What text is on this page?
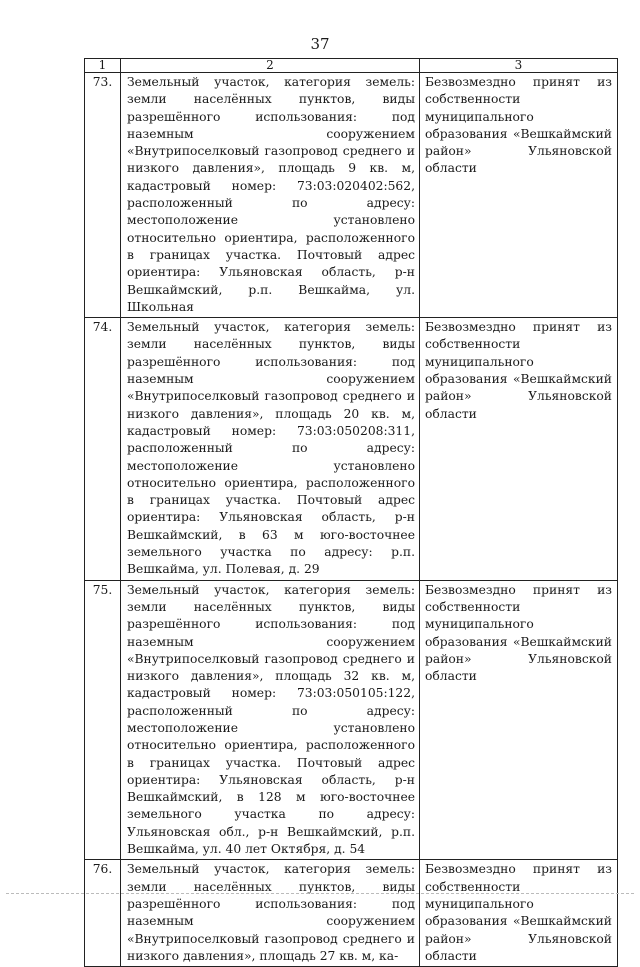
37
1	2	3
73.	Земельный участок, категория земель: земли населённых пунктов, виды разрешённого использования: под наземным сооружением «Внутрипоселковый газопровод среднего и низкого давления», площадь 9 кв. м, кадастровый номер: 73:03:020402:562, расположенный по адресу: местоположение установлено относительно ориентира, расположенного в границах участка. Почтовый адрес ориентира: Ульяновская область, р-н Вешкаймский, р.п. Вешкайма, ул. Школьная	Безвозмездно принят из собственности муниципального образования «Вешкаймский район» Ульяновской области
74.	Земельный участок, категория земель: земли населённых пунктов, виды разрешённого использования: под наземным сооружением «Внутрипоселковый газопровод среднего и низкого давления», площадь 20 кв. м, кадастровый номер: 73:03:050208:311, расположенный по адресу: местоположение установлено относительно ориентира, расположенного в границах участка. Почтовый адрес ориентира: Ульяновская область, р-н Вешкаймский, в 63 м юго-восточнее земельного участка по адресу: р.п. Вешкайма, ул. Полевая, д. 29	Безвозмездно принят из собственности муниципального образования «Вешкаймский район» Ульяновской области
75.	Земельный участок, категория земель: земли населённых пунктов, виды разрешённого использования: под наземным сооружением «Внутрипоселковый газопровод среднего и низкого давления», площадь 32 кв. м, кадастровый номер: 73:03:050105:122, расположенный по адресу: местоположение установлено относительно ориентира, расположенного в границах участка. Почтовый адрес ориентира: Ульяновская область, р-н Вешкаймский, в 128 м юго-восточнее земельного участка по адресу: Ульяновская обл., р-н Вешкаймский, р.п. Вешкайма, ул. 40 лет Октября, д. 54	Безвозмездно принят из собственности муниципального образования «Вешкаймский район» Ульяновской области
76.	Земельный участок, категория земель: земли населённых пунктов, виды разрешённого использования: под наземным сооружением «Внутрипоселковый газопровод среднего и низкого давления», площадь 27 кв. м, ка-	Безвозмездно принят из собственности муниципального образования «Вешкаймский район» Ульяновской области
